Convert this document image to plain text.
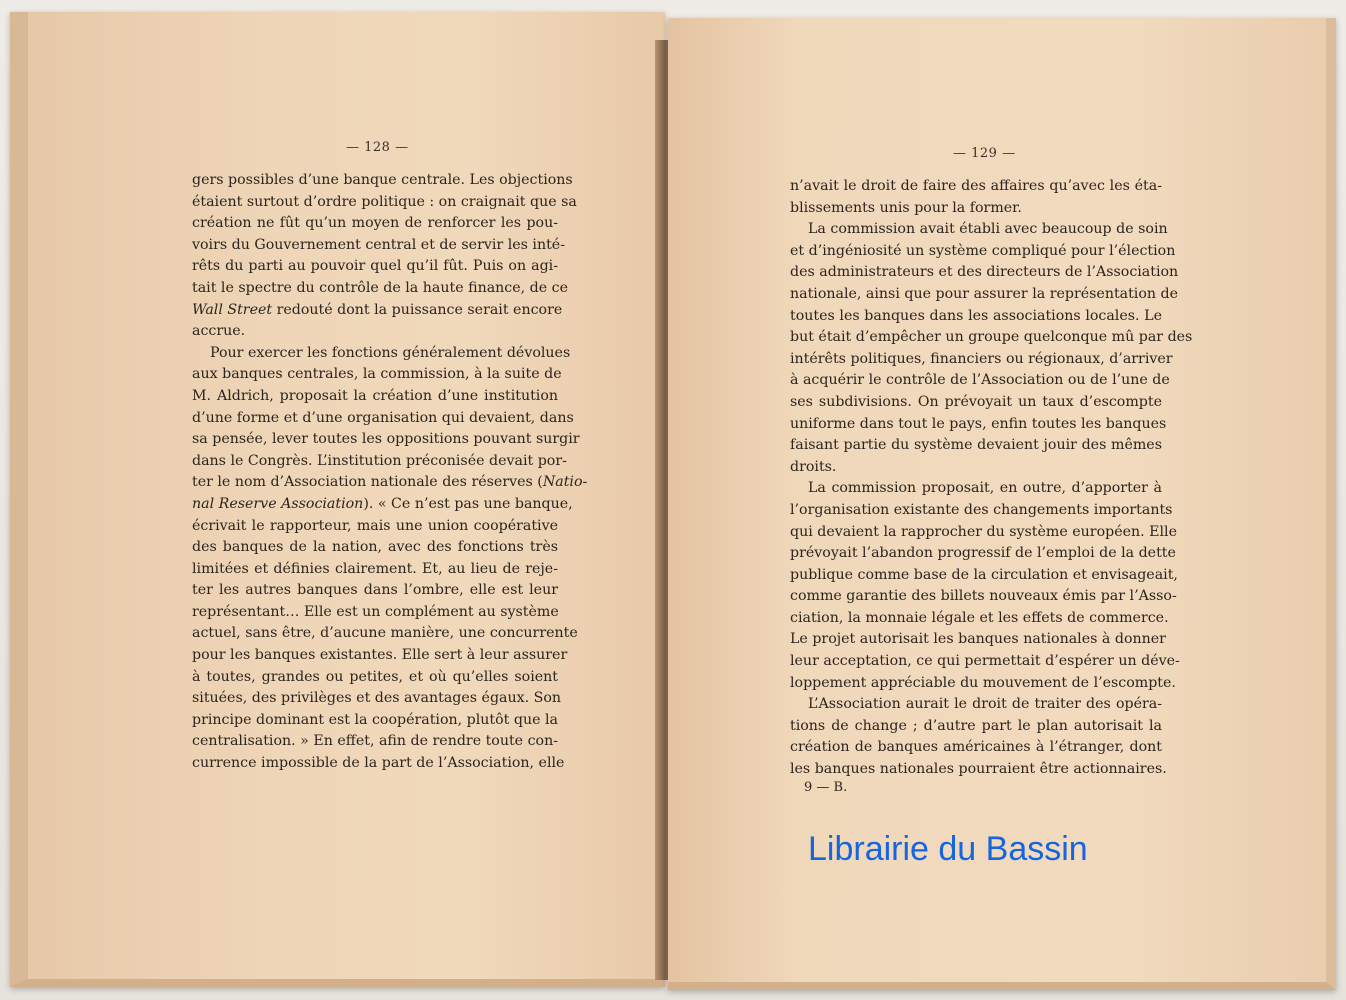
— 128 —
gers possibles d’une banque centrale. Les objections
étaient surtout d’ordre politique : on craignait que sa
création ne fût qu’un moyen de renforcer les pou-
voirs du Gouvernement central et de servir les inté-
rêts du parti au pouvoir quel qu’il fût. Puis on agi-
tait le spectre du contrôle de la haute finance, de ce
Wall Street redouté dont la puissance serait encore
accrue.
Pour exercer les fonctions généralement dévolues
aux banques centrales, la commission, à la suite de
M. Aldrich, proposait la création d’une institution
d’une forme et d’une organisation qui devaient, dans
sa pensée, lever toutes les oppositions pouvant surgir
dans le Congrès. L’institution préconisée devait por-
ter le nom d’Association nationale des réserves (Natio-
nal Reserve Association). « Ce n’est pas une banque,
écrivait le rapporteur, mais une union coopérative
des banques de la nation, avec des fonctions très
limitées et définies clairement. Et, au lieu de reje-
ter les autres banques dans l’ombre, elle est leur
représentant… Elle est un complément au système
actuel, sans être, d’aucune manière, une concurrente
pour les banques existantes. Elle sert à leur assurer
à toutes, grandes ou petites, et où qu’elles soient
situées, des privilèges et des avantages égaux. Son
principe dominant est la coopération, plutôt que la
centralisation. » En effet, afin de rendre toute con-
currence impossible de la part de l’Association, elle
— 129 —
n’avait le droit de faire des affaires qu’avec les éta-
blissements unis pour la former.
La commission avait établi avec beaucoup de soin
et d’ingéniosité un système compliqué pour l’élection
des administrateurs et des directeurs de l’Association
nationale, ainsi que pour assurer la représentation de
toutes les banques dans les associations locales. Le
but était d’empêcher un groupe quelconque mû par des
intérêts politiques, financiers ou régionaux, d’arriver
à acquérir le contrôle de l’Association ou de l’une de
ses subdivisions. On prévoyait un taux d’escompte
uniforme dans tout le pays, enfin toutes les banques
faisant partie du système devaient jouir des mêmes
droits.
La commission proposait, en outre, d’apporter à
l’organisation existante des changements importants
qui devaient la rapprocher du système européen. Elle
prévoyait l’abandon progressif de l’emploi de la dette
publique comme base de la circulation et envisageait,
comme garantie des billets nouveaux émis par l’Asso-
ciation, la monnaie légale et les effets de commerce.
Le projet autorisait les banques nationales à donner
leur acceptation, ce qui permettait d’espérer un déve-
loppement appréciable du mouvement de l’escompte.
L’Association aurait le droit de traiter des opéra-
tions de change ; d’autre part le plan autorisait la
création de banques américaines à l’étranger, dont
les banques nationales pourraient être actionnaires.
9 — B.
Librairie du Bassin
